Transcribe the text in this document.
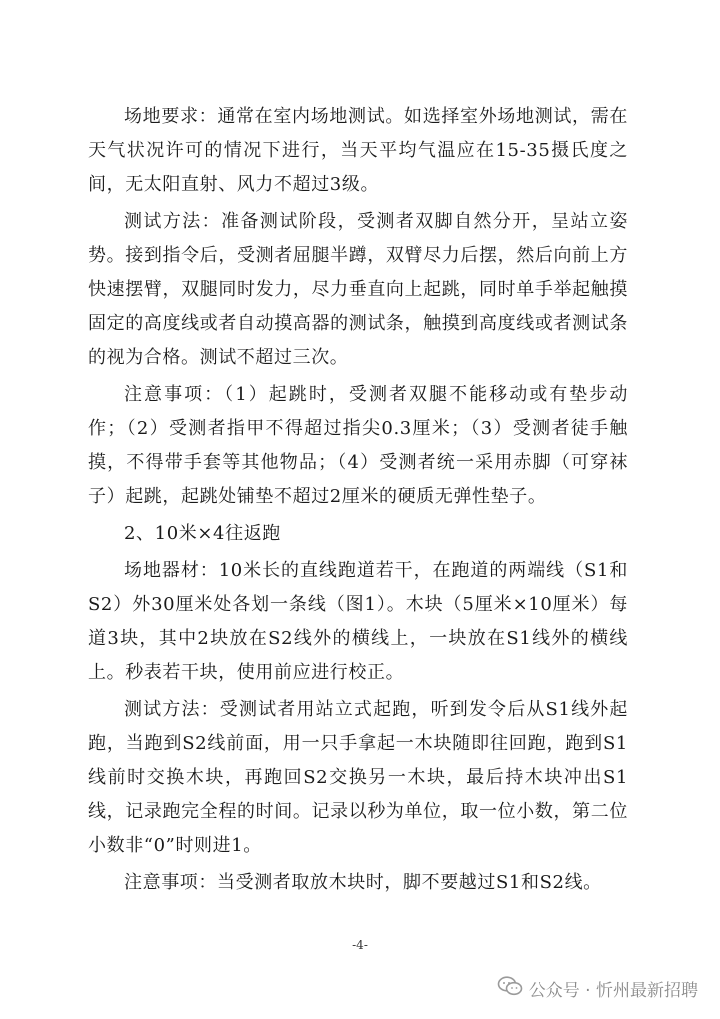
场地要求：通常在室内场地测试。如选择室外场地测试，需在天气状况许可的情况下进行，当天平均气温应在15-35摄氏度之间，无太阳直射、风力不超过3级。

测试方法：准备测试阶段，受测者双脚自然分开，呈站立姿势。接到指令后，受测者屈腿半蹲，双臂尽力后摆，然后向前上方快速摆臂，双腿同时发力，尽力垂直向上起跳，同时单手举起触摸固定的高度线或者自动摸高器的测试条，触摸到高度线或者测试条的视为合格。测试不超过三次。

注意事项：（1）起跳时，受测者双腿不能移动或有垫步动作；（2）受测者指甲不得超过指尖0.3厘米；（3）受测者徒手触摸，不得带手套等其他物品；（4）受测者统一采用赤脚（可穿袜子）起跳，起跳处铺垫不超过2厘米的硬质无弹性垫子。

2、10米×4往返跑

场地器材：10米长的直线跑道若干，在跑道的两端线（S1和S2）外30厘米处各划一条线（图1）。木块（5厘米×10厘米）每道3块，其中2块放在S2线外的横线上，一块放在S1线外的横线上。秒表若干块，使用前应进行校正。

测试方法：受测试者用站立式起跑，听到发令后从S1线外起跑，当跑到S2线前面，用一只手拿起一木块随即往回跑，跑到S1线前时交换木块，再跑回S2交换另一木块，最后持木块冲出S1线，记录跑完全程的时间。记录以秒为单位，取一位小数，第二位小数非“0”时则进1。

注意事项：当受测者取放木块时，脚不要越过S1和S2线。

-4-
公众号 · 忻州最新招聘
